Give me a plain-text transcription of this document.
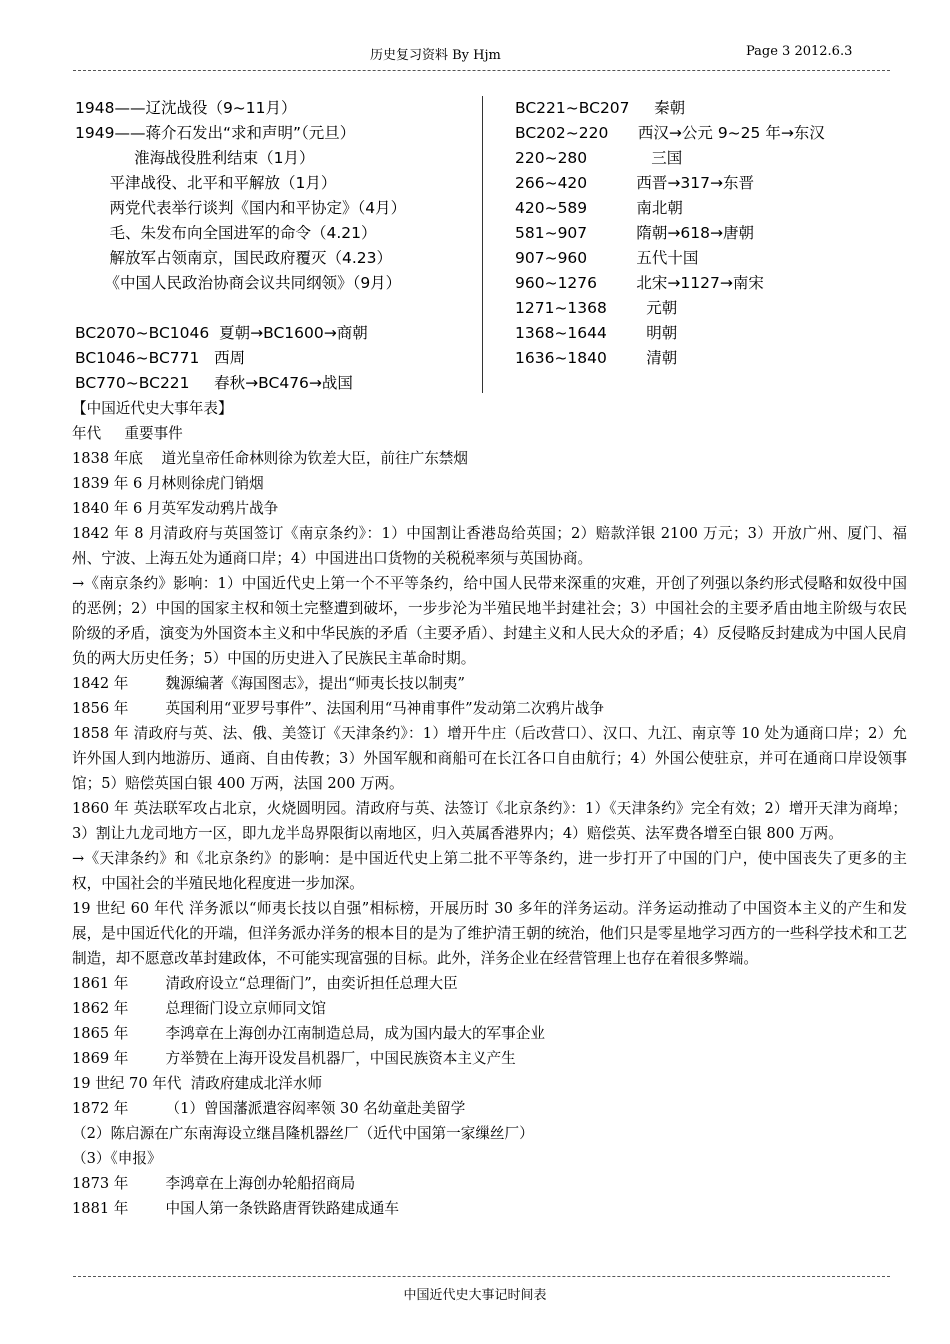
历史复习资料 By Hjm	Page 3 2012.6.3
1948——辽沈战役（9~11月）
1949——蒋介石发出“求和声明”（元旦）
淮海战役胜利结束（1月）
平津战役、北平和平解放（1月）
两党代表举行谈判《国内和平协定》（4月）
毛、朱发布向全国进军的命令（4.21）
解放军占领南京，国民政府覆灭（4.23）
《中国人民政治协商会议共同纲领》（9月）
BC2070~BC1046  夏朝→BC1600→商朝
BC1046~BC771   西周
BC770~BC221     春秋→BC476→战国
BC221~BC207     秦朝
BC202~220      西汉→公元 9~25 年→东汉
220~280             三国
266~420          西晋→317→东晋
420~589          南北朝
581~907          隋朝→618→唐朝
907~960          五代十国
960~1276        北宋→1127→南宋
1271~1368        元朝
1368~1644        明朝
1636~1840        清朝
【中国近代史大事年表】
年代     重要事件
1838 年底    道光皇帝任命林则徐为钦差大臣，前往广东禁烟
1839 年 6 月林则徐虎门销烟
1840 年 6 月英军发动鸦片战争
1842 年 8 月清政府与英国签订《南京条约》：1）中国割让香港岛给英国；2）赔款洋银 2100 万元；3）开放广州、厦门、福州、宁波、上海五处为通商口岸；4）中国进出口货物的关税税率须与英国协商。
→《南京条约》影响：1）中国近代史上第一个不平等条约，给中国人民带来深重的灾难，开创了列强以条约形式侵略和奴役中国的恶例；2）中国的国家主权和领土完整遭到破坏，一步步沦为半殖民地半封建社会；3）中国社会的主要矛盾由地主阶级与农民阶级的矛盾，演变为外国资本主义和中华民族的矛盾（主要矛盾）、封建主义和人民大众的矛盾；4）反侵略反封建成为中国人民肩负的两大历史任务；5）中国的历史进入了民族民主革命时期。
1842 年        魏源编著《海国图志》，提出“师夷长技以制夷”
1856 年        英国利用“亚罗号事件”、法国利用“马神甫事件”发动第二次鸦片战争
1858 年 清政府与英、法、俄、美签订《天津条约》：1）增开牛庄（后改营口）、汉口、九江、南京等 10 处为通商口岸；2）允许外国人到内地游历、通商、自由传教；3）外国军舰和商船可在长江各口自由航行；4）外国公使驻京，并可在通商口岸设领事馆；5）赔偿英国白银 400 万两，法国 200 万两。
1860 年 英法联军攻占北京，火烧圆明园。清政府与英、法签订《北京条约》：1）《天津条约》完全有效；2）增开天津为商埠；3）割让九龙司地方一区，即九龙半岛界限街以南地区，归入英属香港界内；4）赔偿英、法军费各增至白银 800 万两。
→《天津条约》和《北京条约》的影响：是中国近代史上第二批不平等条约，进一步打开了中国的门户，使中国丧失了更多的主权，中国社会的半殖民地化程度进一步加深。
19 世纪 60 年代 洋务派以“师夷长技以自强”相标榜，开展历时 30 多年的洋务运动。洋务运动推动了中国资本主义的产生和发展，是中国近代化的开端，但洋务派办洋务的根本目的是为了维护清王朝的统治，他们只是零星地学习西方的一些科学技术和工艺制造，却不愿意改革封建政体，不可能实现富强的目标。此外，洋务企业在经营管理上也存在着很多弊端。
1861 年        清政府设立“总理衙门”，由奕䜣担任总理大臣
1862 年        总理衙门设立京师同文馆
1865 年        李鸿章在上海创办江南制造总局，成为国内最大的军事企业
1869 年        方举赞在上海开设发昌机器厂，中国民族资本主义产生
19 世纪 70 年代  清政府建成北洋水师
1872 年        （1）曾国藩派遣容闳率领 30 名幼童赴美留学
（2）陈启源在广东南海设立继昌隆机器丝厂（近代中国第一家缫丝厂）
（3）《申报》
1873 年        李鸿章在上海创办轮船招商局
1881 年        中国人第一条铁路唐胥铁路建成通车
中国近代史大事记时间表
